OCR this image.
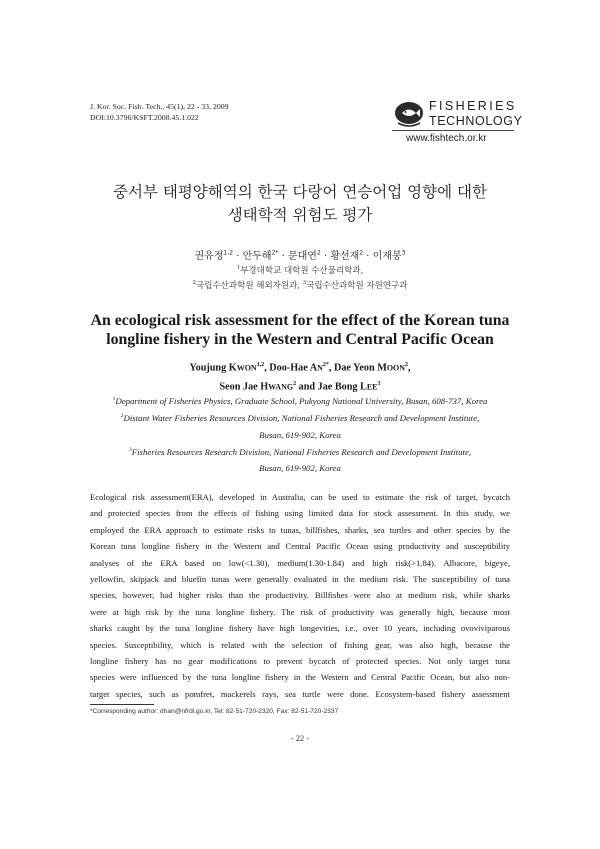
J. Kor. Soc. Fish. Tech., 45(1), 22 - 33, 2009
DOI:10.3796/KSFT.2008.45.1.022
FISHERIES
TECHNOLOGY
www.fishtech.or.kr
중서부 태평양해역의 한국 다랑어 연승어업 영향에 대한
생태학적 위험도 평가
권유정$^{1,2}$ · 안두해$^{2*}$ · 문대연$^2$ · 황선재$^2$ · 이재봉$^3$
$^1$부경대학교 대학원 수산물리학과,
$^2$국립수산과학원 해외자원과, $^3$국립수산과학원 자원연구과
An ecological risk assessment for the effect of the Korean tuna
longline fishery in the Western and Central Pacific Ocean
Youjung KWON$^{1,2}$, Doo-Hae $AN^{2*}$, Dae Yeon MOON$^2$,
Seon Jae HWANG$^2$ and Jae Bong LEE$^3$
$^1$Department of Fisheries Physics, Graduate School, Pukyong National University, Busan, 608-737, Korea
$^2$Distant Water Fisheries Resources Division, National Fisheries Research and Development Institute,
Busan, 619-902, Korea
$^3$Fisheries Resources Research Division, National Fisheries Research and Development Institute,
Busan, 619-902, Korea
Ecological risk assessment(ERA), developed in Australia, can be used to estimate the risk of target, bycatch
and protected species from the effects of fishing using limited data for stock assessment. In this study, we
employed the ERA approach to estimate risks to tunas, billfishes, sharks, sea turtles and other species by the
Korean tuna longline fishery in the Western and Central Pacific Ocean using productivity and susceptibility
analyses of the ERA based on low(<1.30), medium(1.30-1.84) and high risk(>1.84). Albacore, bigeye,
yellowfin, skipjack and bluefin tunas were generally evaluated in the medium risk. The susceptibility of tuna
species, however, had higher risks than the productivity. Billfishes were also at medium risk, while sharks
were at high risk by the tuna longline fishery. The risk of productivity was generally high, because most
sharks caught by the tuna longline fishery have high longevities, i.e., over 10 years, including ovoviviparous
species. Susceptibility, which is related with the selection of fishing gear, was also high, because the
longline fishery has no gear modifications to prevent bycatch of protected species. Not only target tuna
species were influenced by the tuna longline fishery in the Western and Central Pacific Ocean, but also non-
target species, such as pomfret, mackerels rays, sea turtle were done. Ecosystem-based fishery assessment
*Corresponding author: dhan@nfrdi.go.kr, Tel: 82-51-720-2320, Fax: 82-51-720-2337
- 22 -
